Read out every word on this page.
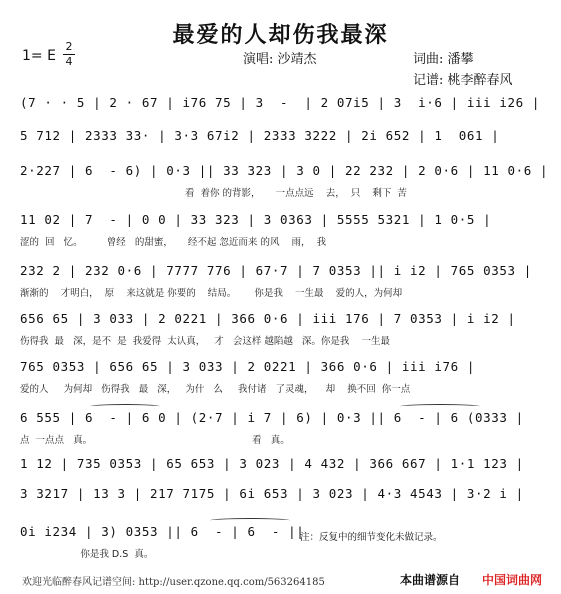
最爱的人却伤我最深
1= E
2
4	演唱: 沙靖杰	词曲: 潘攀
记谱: 桃李醉春风
(7 · · 5 | 2 · 67 | i76 75 | 3  -  | 2 07i5 | 3  i·6 | iii i26 |
5 712 | 2333 33· | 3·3 67i2 | 2333 3222 | 2i 652 | 1  061 |
2·227 | 6  - 6) | 0·3 || 33 323 | 3 0 | 22 232 | 2 0·6 | 11 0·6 |
看  着你 的背影，     一点点远    去，  只    剩下  苦
11 02 | 7  - | 0 0 | 33 323 | 3 0363 | 5555 5321 | 1 0·5 |
涩的  回   忆。        曾经   的甜蜜，     经不起 忽近而来 的风    雨，  我
232 2 | 232 0·6 | 7777 776 | 67·7 | 7 0353 || i i2 | 765 0353 |
渐渐的    才明白，  原    来这就是 你要的    结局。      你是我    一生最    爱的人，为何却
656 65 | 3 033 | 2 0221 | 366 0·6 | iii 176 | 7 0353 | i i2 |
伤得我  最   深，是不  是  我爱得  太认真，   才   会这样 越陷越   深。你是我    一生最
765 0353 | 656 65 | 3 033 | 2 0221 | 366 0·6 | iii i76 |
爱的人     为何却   伤得我   最   深，   为什   么     我付诸   了灵魂，    却    换不回  你一点
6 555 | 6  - | 6 0 | (2·7 | i 7 | 6) | 0·3 || 6  - | 6 (0333 |
点  一点点   真。                                                     看   真。
1 12 | 735 0353 | 65 653 | 3 023 | 4 432 | 366 667 | 1·1 123 |
3 3217 | 13 3 | 217 7175 | 6i 653 | 3 023 | 4·3 4543 | 3·2 i |
0i i234 | 3) 0353 || 6  - | 6  - ||
你是我 D.S  真。
注：反复中的细节变化未做记录。
欢迎光临醉春风记谱空间: http://user.qzone.qq.com/563264185	本曲谱源自 中国词曲网
